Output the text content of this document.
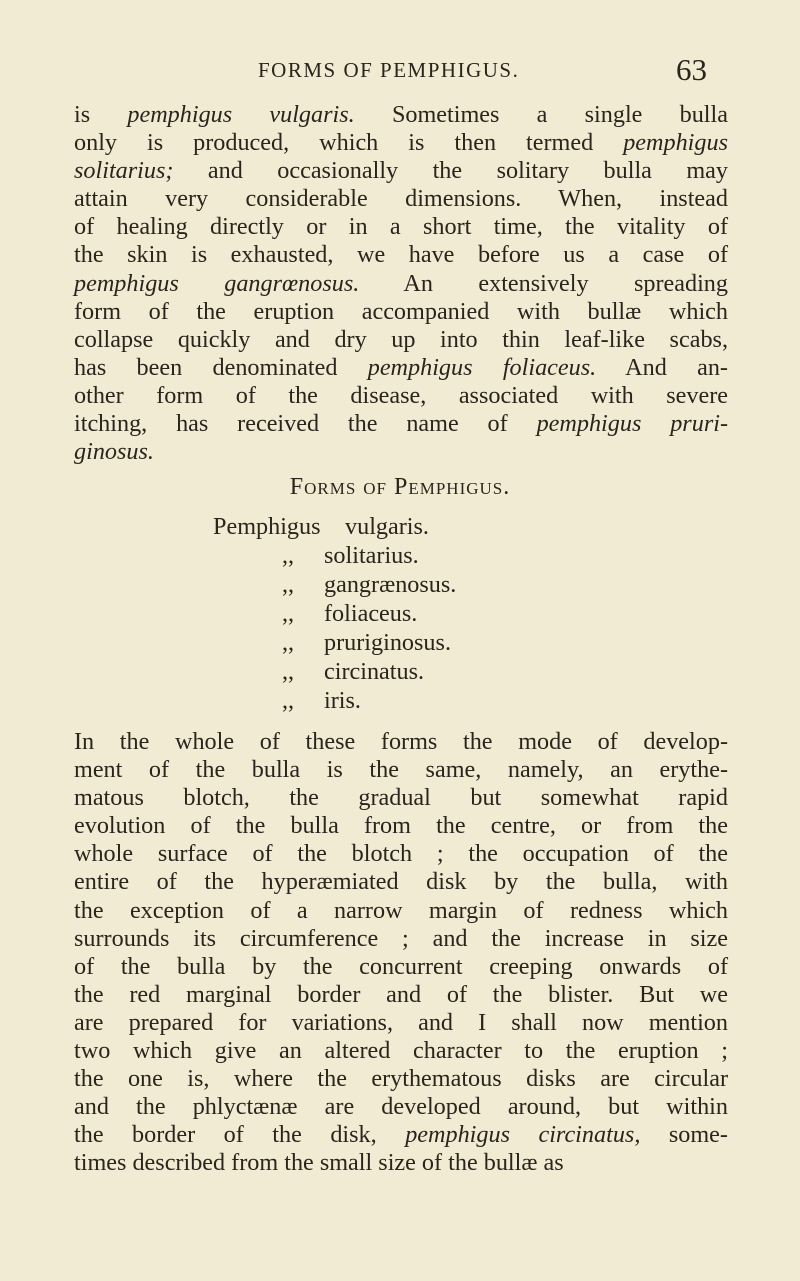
FORMS OF PEMPHIGUS.	63
is pemphigus vulgaris. Sometimes a single bulla
only is produced, which is then termed pemphigus
solitarius; and occasionally the solitary bulla may
attain very considerable dimensions. When, instead
of healing directly or in a short time, the vitality of
the skin is exhausted, we have before us a case of
pemphigus gangrœnosus. An extensively spreading
form of the eruption accompanied with bullæ which
collapse quickly and dry up into thin leaf-like scabs,
has been denominated pemphigus foliaceus. And an-
other form of the disease, associated with severe
itching, has received the name of pemphigus pruri-
ginosus.
Forms of Pemphigus.
Pemphigus vulgaris.
,, solitarius.
,, gangrænosus.
,, foliaceus.
,, pruriginosus.
,, circinatus.
,, iris.
In the whole of these forms the mode of develop-
ment of the bulla is the same, namely, an erythe-
matous blotch, the gradual but somewhat rapid
evolution of the bulla from the centre, or from the
whole surface of the blotch ; the occupation of the
entire of the hyperæmiated disk by the bulla, with
the exception of a narrow margin of redness which
surrounds its circumference ; and the increase in size
of the bulla by the concurrent creeping onwards of
the red marginal border and of the blister. But we
are prepared for variations, and I shall now mention
two which give an altered character to the eruption ;
the one is, where the erythematous disks are circular
and the phlyctænæ are developed around, but within
the border of the disk, pemphigus circinatus, some-
times described from the small size of the bullæ as
